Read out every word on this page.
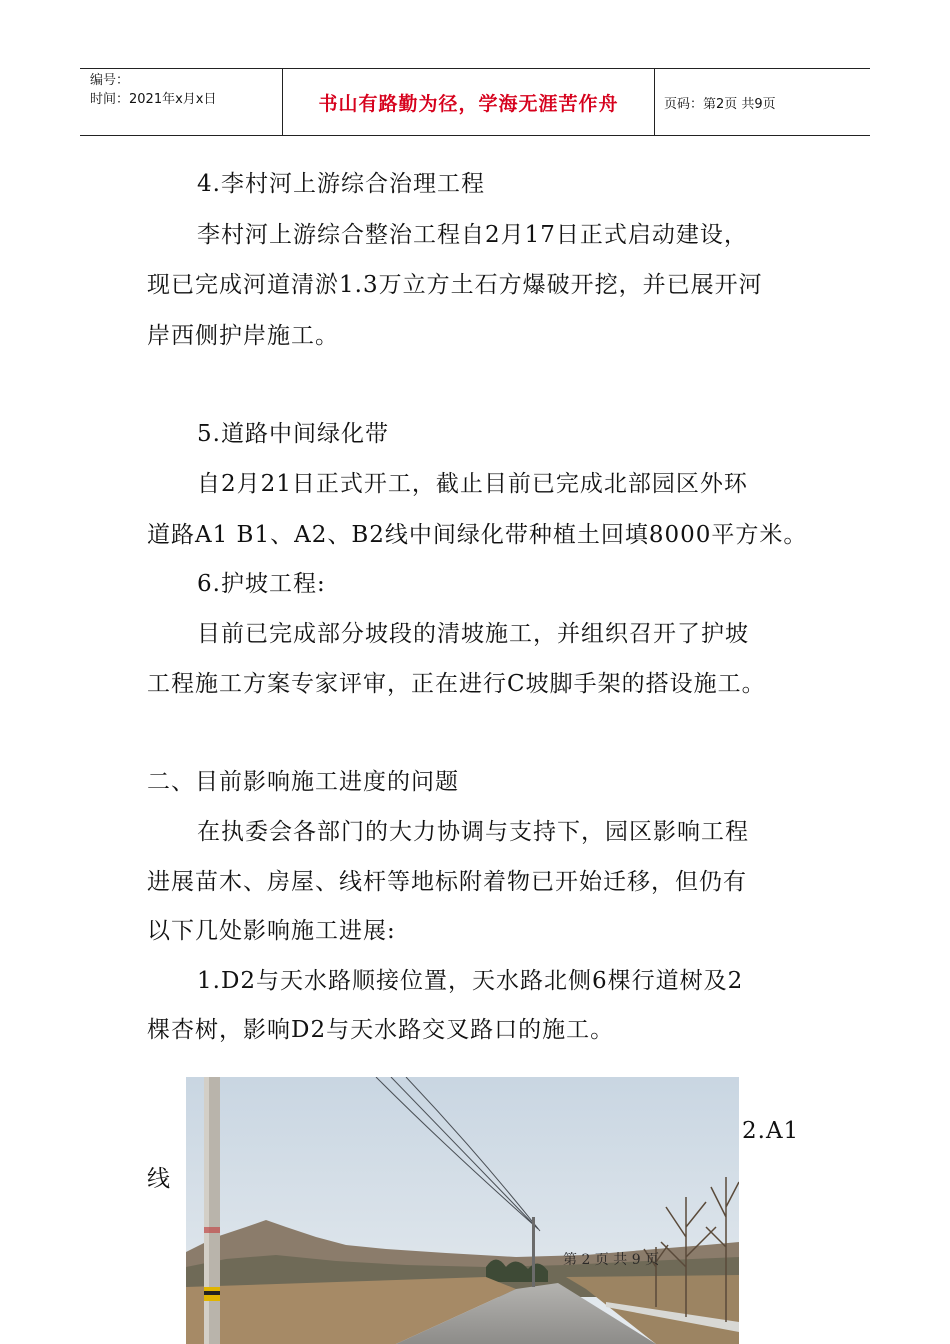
编号：
时间：2021年x月x日	书山有路勤为径，学海无涯苦作舟	页码：第2页 共9页
4.李村河上游综合治理工程
李村河上游综合整治工程自2月17日正式启动建设，
现已完成河道清淤1.3万立方土石方爆破开挖，并已展开河
岸西侧护岸施工。
5.道路中间绿化带
自2月21日正式开工，截止目前已完成北部园区外环
道路A1 B1、A2、B2线中间绿化带种植土回填8000平方米。
6.护坡工程:
目前已完成部分坡段的清坡施工，并组织召开了护坡
工程施工方案专家评审，正在进行C坡脚手架的搭设施工。
二、目前影响施工进度的问题
在执委会各部门的大力协调与支持下，园区影响工程
进展苗木、房屋、线杆等地标附着物已开始迁移，但仍有
以下几处影响施工进展:
1.D2与天水路顺接位置，天水路北侧6棵行道树及2
棵杏树，影响D2与天水路交叉路口的施工。
2.A1
线
第 2 页 共 9 页
